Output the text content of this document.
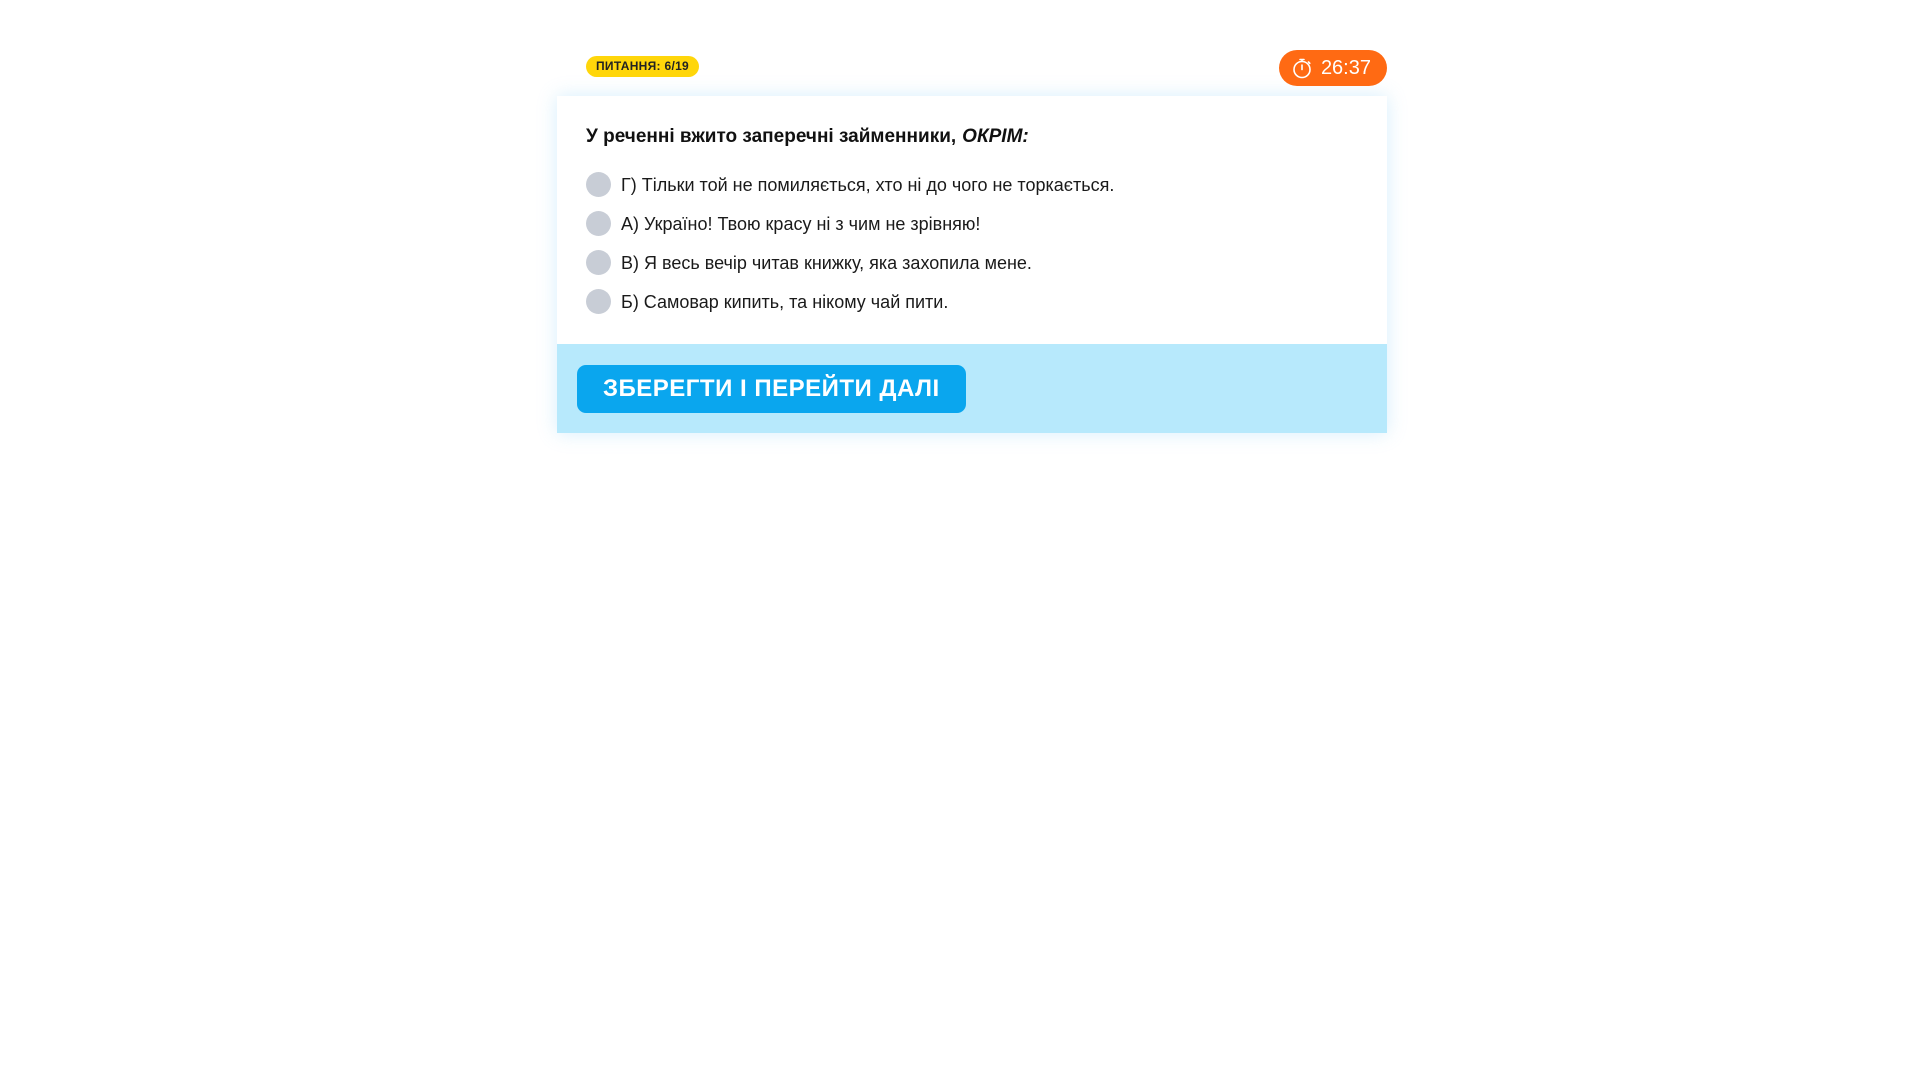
ПИТАННЯ: 6/19	26:37

У реченні вжито заперечні займенники, ОКРІМ:

Г) Тільки той не помиляється, хто ні до чого не торкається.
А) Україно! Твою красу ні з чим не зрівняю!
В) Я весь вечір читав книжку, яка захопила мене.
Б) Самовар кипить, та нікому чай пити.
ЗБЕРЕГТИ І ПЕРЕЙТИ ДАЛІ
